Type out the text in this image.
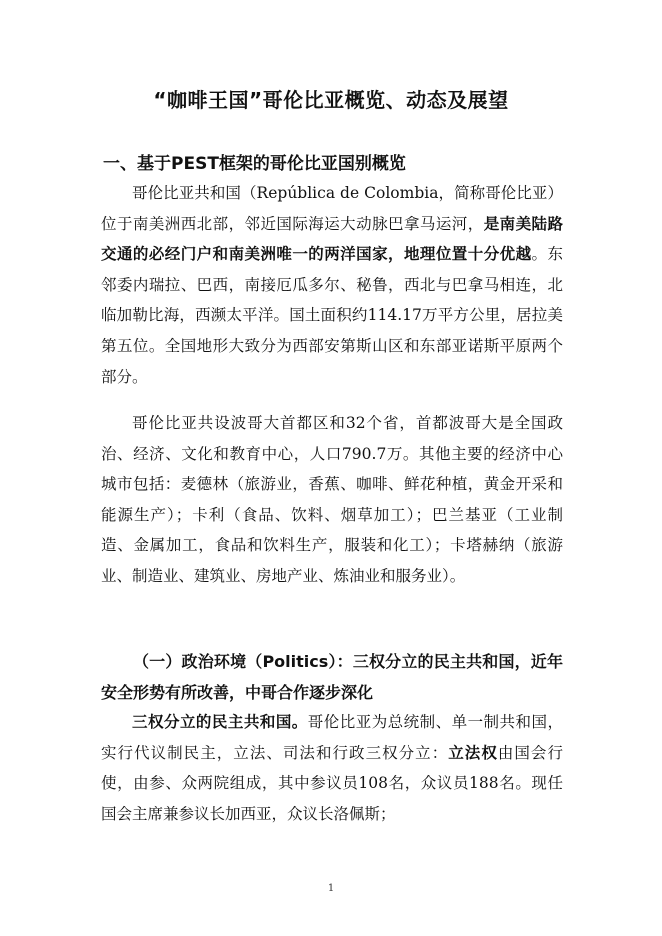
“咖啡王国”哥伦比亚概览、动态及展望
一、基于PEST框架的哥伦比亚国别概览

哥伦比亚共和国（República de Colombia，简称哥伦比亚）位于南美洲西北部，邻近国际海运大动脉巴拿马运河，是南美陆路交通的必经门户和南美洲唯一的两洋国家，地理位置十分优越。东邻委内瑞拉、巴西，南接厄瓜多尔、秘鲁，西北与巴拿马相连，北临加勒比海，西濒太平洋。国土面积约114.17万平方公里，居拉美第五位。全国地形大致分为西部安第斯山区和东部亚诺斯平原两个部分。

哥伦比亚共设波哥大首都区和32个省，首都波哥大是全国政治、经济、文化和教育中心，人口790.7万。其他主要的经济中心城市包括：麦德林（旅游业，香蕉、咖啡、鲜花种植，黄金开采和能源生产）；卡利（食品、饮料、烟草加工）；巴兰基亚（工业制造、金属加工，食品和饮料生产，服装和化工）；卡塔赫纳（旅游业、制造业、建筑业、房地产业、炼油业和服务业）。

（一）政治环境（Politics）：三权分立的民主共和国，近年安全形势有所改善，中哥合作逐步深化

三权分立的民主共和国。哥伦比亚为总统制、单一制共和国，实行代议制民主，立法、司法和行政三权分立：立法权由国会行使，由参、众两院组成，其中参议员108名，众议员188名。现任国会主席兼参议长加西亚，众议长洛佩斯；

1
